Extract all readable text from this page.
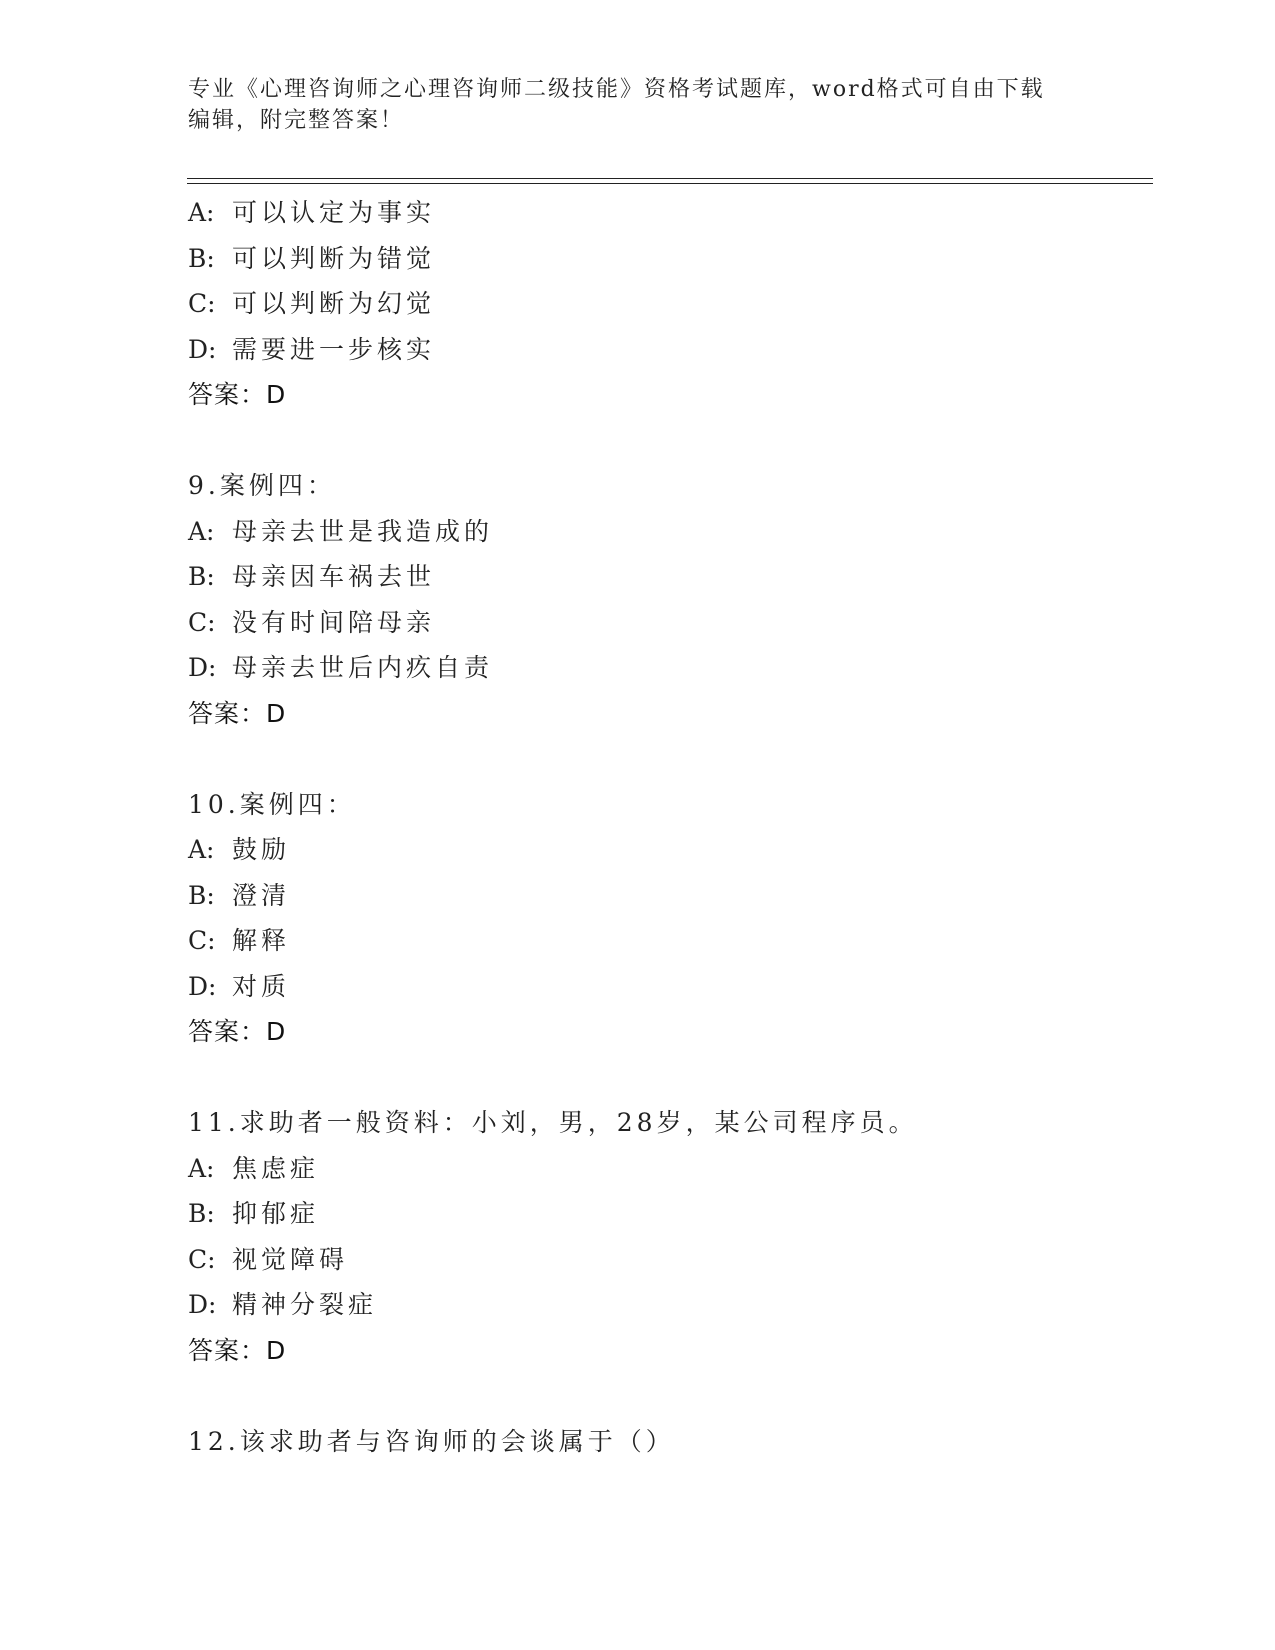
专业《心理咨询师之心理咨询师二级技能》资格考试题库，word格式可自由下载
编辑，附完整答案！
A: 可以认定为事实
B: 可以判断为错觉
C: 可以判断为幻觉
D: 需要进一步核实
答案：D
9.案例四：
A: 母亲去世是我造成的
B: 母亲因车祸去世
C: 没有时间陪母亲
D: 母亲去世后内疚自责
答案：D
10.案例四：
A: 鼓励
B: 澄清
C: 解释
D: 对质
答案：D
11.求助者一般资料：小刘，男，28岁，某公司程序员。
A: 焦虑症
B: 抑郁症
C: 视觉障碍
D: 精神分裂症
答案：D
12.该求助者与咨询师的会谈属于（）
